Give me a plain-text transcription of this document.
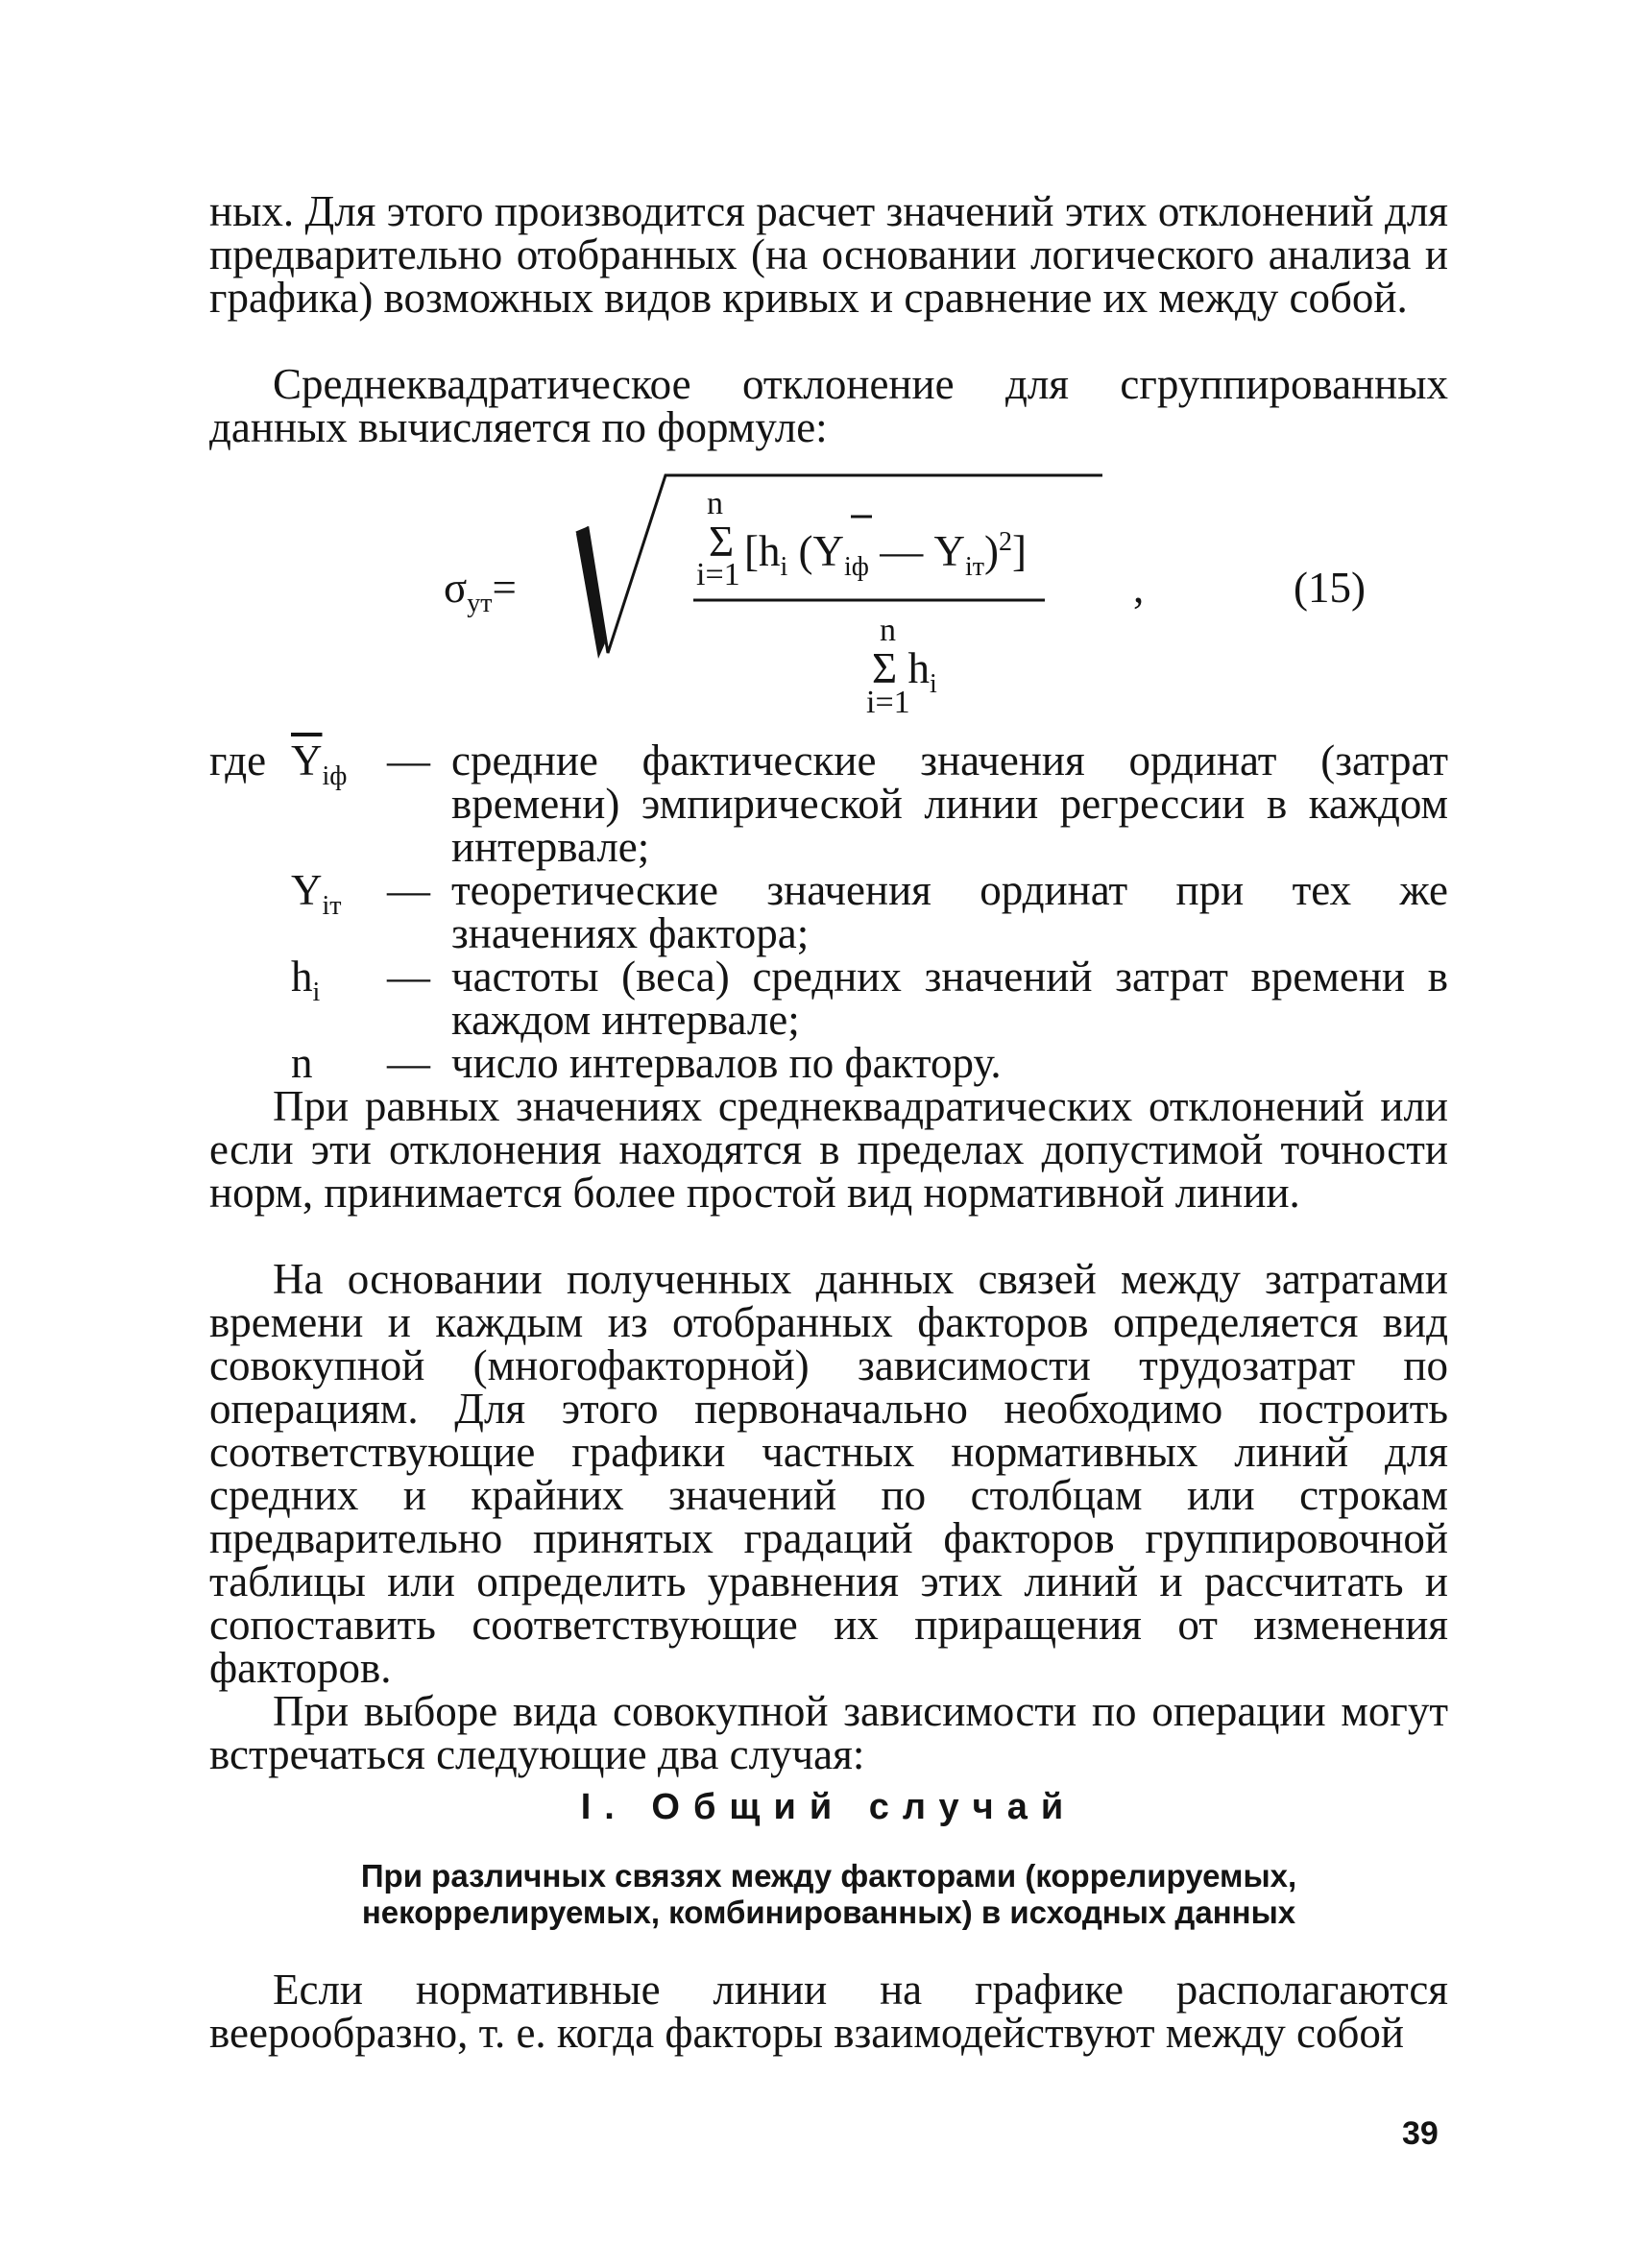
ных. Для этого производится расчет значений этих отклонений для предварительно отобранных (на основании логического анализа и графика) возможных видов кривых и сравнение их между собой.

Среднеквадратическое отклонение для сгруппированных данных вычисляется по формуле:

$\sigma_{ут}=$
n
Σ
i=1 [$h_i$ ($Y_{iф}$ — $Y_{iт})^2$]
n
Σ $h_i$
i=1
,	(15)
где $\overline{Y}_{iф}$ — средние фактические значения ординат (затрат времени) эмпирической линии регрессии в каждом интервале;
$Y_{iт}$ — теоретические значения ординат при тех же значениях фактора;
$h_i$ — частоты (веса) средних значений затрат времени в каждом интервале;
n — число интервалов по фактору.

При равных значениях среднеквадратических отклонений или если эти отклонения находятся в пределах допустимой точности норм, принимается более простой вид нормативной линии.

На основании полученных данных связей между затратами времени и каждым из отобранных факторов определяется вид совокупной (многофакторной) зависимости трудозатрат по операциям. Для этого первоначально необходимо построить соответствующие графики частных нормативных линий для средних и крайних значений по столбцам или строкам предварительно принятых градаций факторов группировочной таблицы или определить уравнения этих линий и рассчитать и сопоставить соответствующие их приращения от изменения факторов.

При выборе вида совокупной зависимости по операции могут встречаться следующие два случая:

I. Общий случай
При различных связях между факторами (коррелируемых,
некоррелируемых, комбинированных) в исходных данных

Если нормативные линии на графике располагаются веерообразно, т. е. когда факторы взаимодействуют между собой

39
